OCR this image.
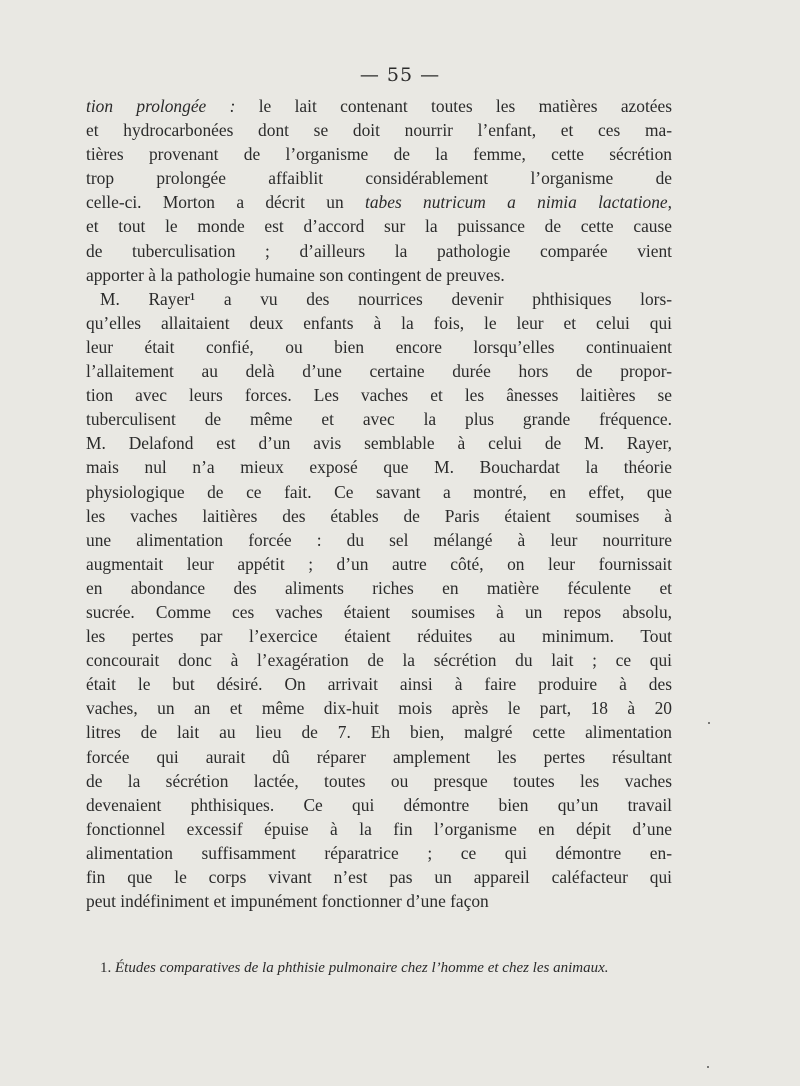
— 55 —
tion prolongée : le lait contenant toutes les matières azotées
et hydrocarbonées dont se doit nourrir l’enfant, et ces ma-
tières provenant de l’organisme de la femme, cette sécrétion
trop prolongée affaiblit considérablement l’organisme de
celle-ci. Morton a décrit un tabes nutricum a nimia lactatione,
et tout le monde est d’accord sur la puissance de cette cause
de tuberculisation ; d’ailleurs la pathologie comparée vient
apporter à la pathologie humaine son contingent de preuves.
M. Rayer¹ a vu des nourrices devenir phthisiques lors-
qu’elles allaitaient deux enfants à la fois, le leur et celui qui
leur était confié, ou bien encore lorsqu’elles continuaient
l’allaitement au delà d’une certaine durée hors de propor-
tion avec leurs forces. Les vaches et les ânesses laitières se
tuberculisent de même et avec la plus grande fréquence.
M. Delafond est d’un avis semblable à celui de M. Rayer,
mais nul n’a mieux exposé que M. Bouchardat la théorie
physiologique de ce fait. Ce savant a montré, en effet, que
les vaches laitières des étables de Paris étaient soumises à
une alimentation forcée : du sel mélangé à leur nourriture
augmentait leur appétit ; d’un autre côté, on leur fournissait
en abondance des aliments riches en matière féculente et
sucrée. Comme ces vaches étaient soumises à un repos absolu,
les pertes par l’exercice étaient réduites au minimum. Tout
concourait donc à l’exagération de la sécrétion du lait ; ce qui
était le but désiré. On arrivait ainsi à faire produire à des
vaches, un an et même dix-huit mois après le part, 18 à 20
litres de lait au lieu de 7. Eh bien, malgré cette alimentation
forcée qui aurait dû réparer amplement les pertes résultant
de la sécrétion lactée, toutes ou presque toutes les vaches
devenaient phthisiques. Ce qui démontre bien qu’un travail
fonctionnel excessif épuise à la fin l’organisme en dépit d’une
alimentation suffisamment réparatrice ; ce qui démontre en-
fin que le corps vivant n’est pas un appareil caléfacteur qui
peut indéfiniment et impunément fonctionner d’une façon
1. Études comparatives de la phthisie pulmonaire chez l’homme et chez les animaux.
